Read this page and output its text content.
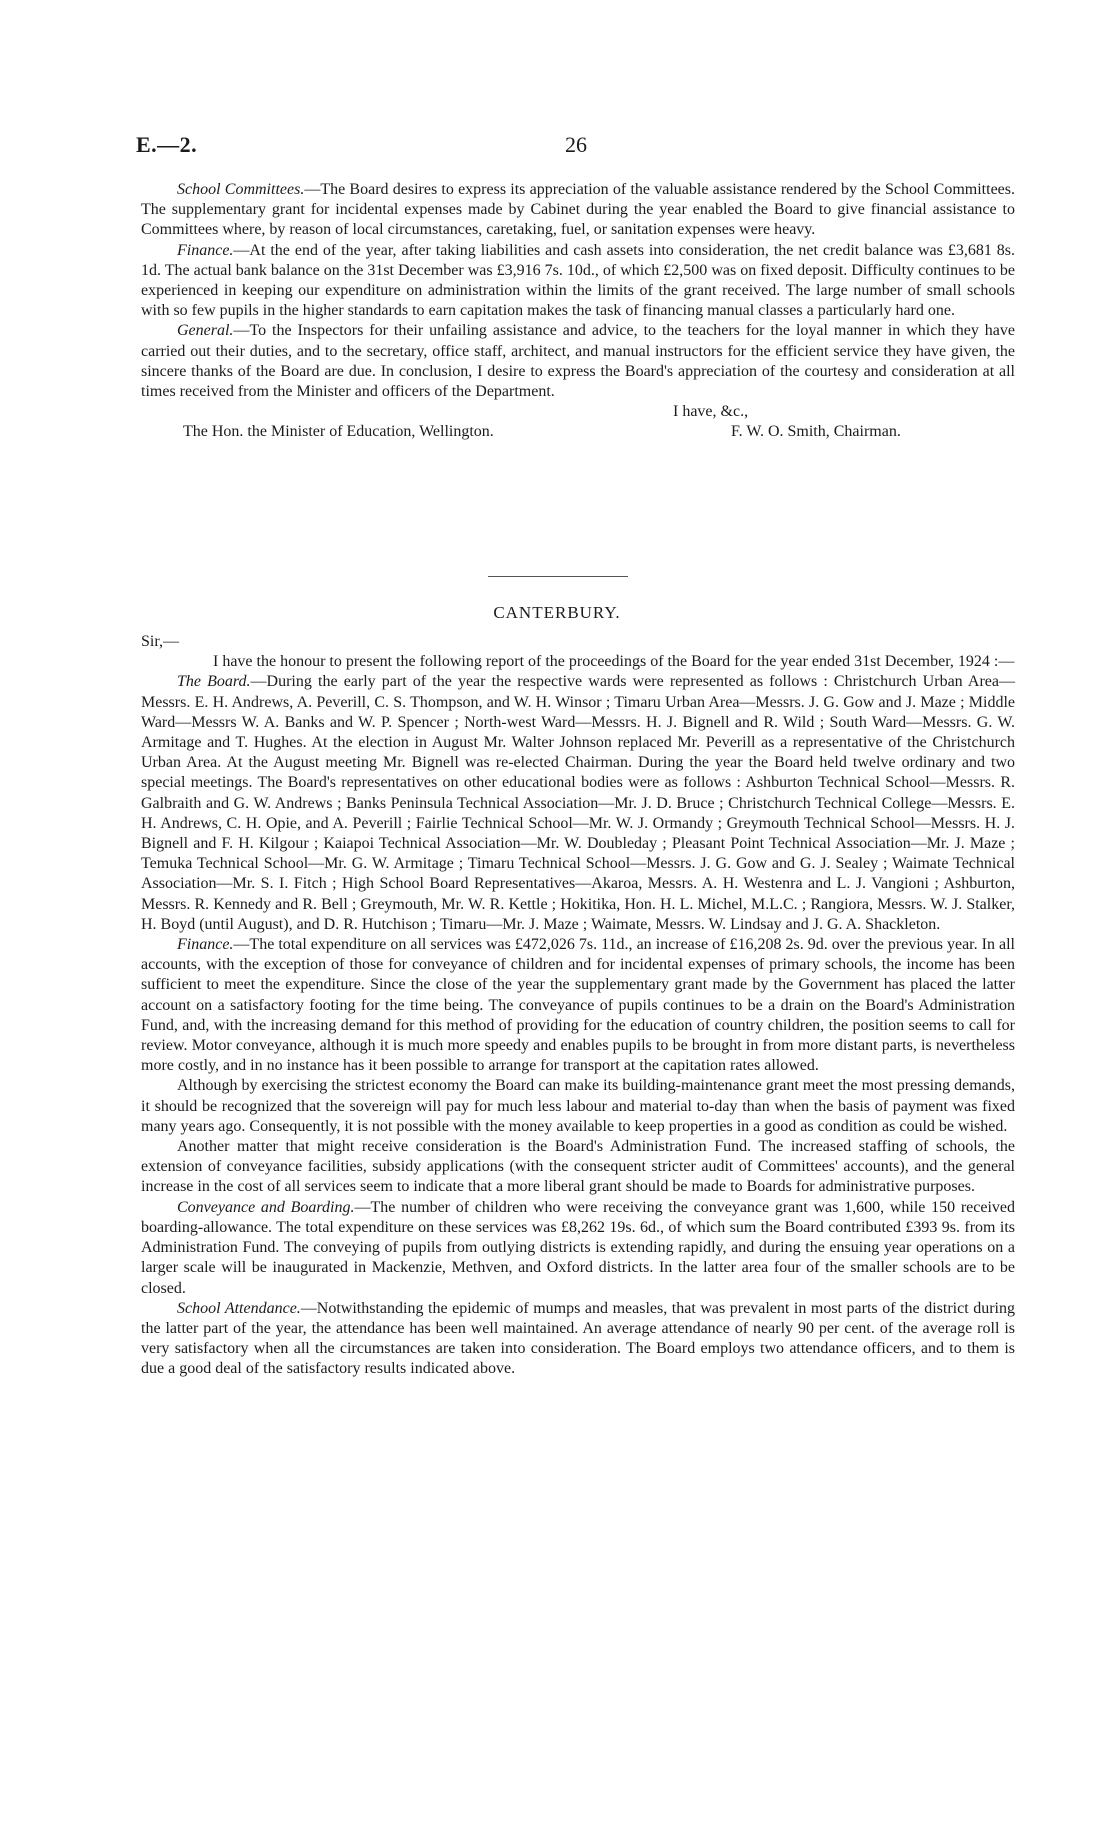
E.—2.	26

School Committees.—The Board desires to express its appreciation of the valuable assistance rendered by the School Committees. The supplementary grant for incidental expenses made by Cabinet during the year enabled the Board to give financial assistance to Committees where, by reason of local circumstances, caretaking, fuel, or sanitation expenses were heavy.

Finance.—At the end of the year, after taking liabilities and cash assets into consideration, the net credit balance was £3,681 8s. 1d. The actual bank balance on the 31st December was £3,916 7s. 10d., of which £2,500 was on fixed deposit. Difficulty continues to be experienced in keeping our expenditure on administration within the limits of the grant received. The large number of small schools with so few pupils in the higher standards to earn capitation makes the task of financing manual classes a particularly hard one.

General.—To the Inspectors for their unfailing assistance and advice, to the teachers for the loyal manner in which they have carried out their duties, and to the secretary, office staff, architect, and manual instructors for the efficient service they have given, the sincere thanks of the Board are due. In conclusion, I desire to express the Board's appreciation of the courtesy and consideration at all times received from the Minister and officers of the Department.

I have, &c.,
The Hon. the Minister of Education, Wellington.	F. W. O. Smith, Chairman.
CANTERBURY.

Sir,—

I have the honour to present the following report of the proceedings of the Board for the year ended 31st December, 1924 :—

The Board.—During the early part of the year the respective wards were represented as follows : Christchurch Urban Area—Messrs. E. H. Andrews, A. Peverill, C. S. Thompson, and W. H. Winsor ; Timaru Urban Area—Messrs. J. G. Gow and J. Maze ; Middle Ward—Messrs W. A. Banks and W. P. Spencer ; North-west Ward—Messrs. H. J. Bignell and R. Wild ; South Ward—Messrs. G. W. Armitage and T. Hughes. At the election in August Mr. Walter Johnson replaced Mr. Peverill as a representative of the Christchurch Urban Area. At the August meeting Mr. Bignell was re-elected Chairman. During the year the Board held twelve ordinary and two special meetings. The Board's representatives on other educational bodies were as follows : Ashburton Technical School—Messrs. R. Galbraith and G. W. Andrews ; Banks Peninsula Technical Association—Mr. J. D. Bruce ; Christchurch Technical College—Messrs. E. H. Andrews, C. H. Opie, and A. Peverill ; Fairlie Technical School—Mr. W. J. Ormandy ; Greymouth Technical School—Messrs. H. J. Bignell and F. H. Kilgour ; Kaiapoi Technical Association—Mr. W. Doubleday ; Pleasant Point Technical Association—Mr. J. Maze ; Temuka Technical School—Mr. G. W. Armitage ; Timaru Technical School—Messrs. J. G. Gow and G. J. Sealey ; Waimate Technical Association—Mr. S. I. Fitch ; High School Board Representatives—Akaroa, Messrs. A. H. Westenra and L. J. Vangioni ; Ashburton, Messrs. R. Kennedy and R. Bell ; Greymouth, Mr. W. R. Kettle ; Hokitika, Hon. H. L. Michel, M.L.C. ; Rangiora, Messrs. W. J. Stalker, H. Boyd (until August), and D. R. Hutchison ; Timaru—Mr. J. Maze ; Waimate, Messrs. W. Lindsay and J. G. A. Shackleton.

Finance.—The total expenditure on all services was £472,026 7s. 11d., an increase of £16,208 2s. 9d. over the previous year. In all accounts, with the exception of those for conveyance of children and for incidental expenses of primary schools, the income has been sufficient to meet the expenditure. Since the close of the year the supplementary grant made by the Government has placed the latter account on a satisfactory footing for the time being. The conveyance of pupils continues to be a drain on the Board's Administration Fund, and, with the increasing demand for this method of providing for the education of country children, the position seems to call for review. Motor conveyance, although it is much more speedy and enables pupils to be brought in from more distant parts, is nevertheless more costly, and in no instance has it been possible to arrange for transport at the capitation rates allowed.

Although by exercising the strictest economy the Board can make its building-maintenance grant meet the most pressing demands, it should be recognized that the sovereign will pay for much less labour and material to-day than when the basis of payment was fixed many years ago. Consequently, it is not possible with the money available to keep properties in a good as condition as could be wished.

Another matter that might receive consideration is the Board's Administration Fund. The increased staffing of schools, the extension of conveyance facilities, subsidy applications (with the consequent stricter audit of Committees' accounts), and the general increase in the cost of all services seem to indicate that a more liberal grant should be made to Boards for administrative purposes.

Conveyance and Boarding.—The number of children who were receiving the conveyance grant was 1,600, while 150 received boarding-allowance. The total expenditure on these services was £8,262 19s. 6d., of which sum the Board contributed £393 9s. from its Administration Fund. The conveying of pupils from outlying districts is extending rapidly, and during the ensuing year operations on a larger scale will be inaugurated in Mackenzie, Methven, and Oxford districts. In the latter area four of the smaller schools are to be closed.

School Attendance.—Notwithstanding the epidemic of mumps and measles, that was prevalent in most parts of the district during the latter part of the year, the attendance has been well maintained. An average attendance of nearly 90 per cent. of the average roll is very satisfactory when all the circumstances are taken into consideration. The Board employs two attendance officers, and to them is due a good deal of the satisfactory results indicated above.
